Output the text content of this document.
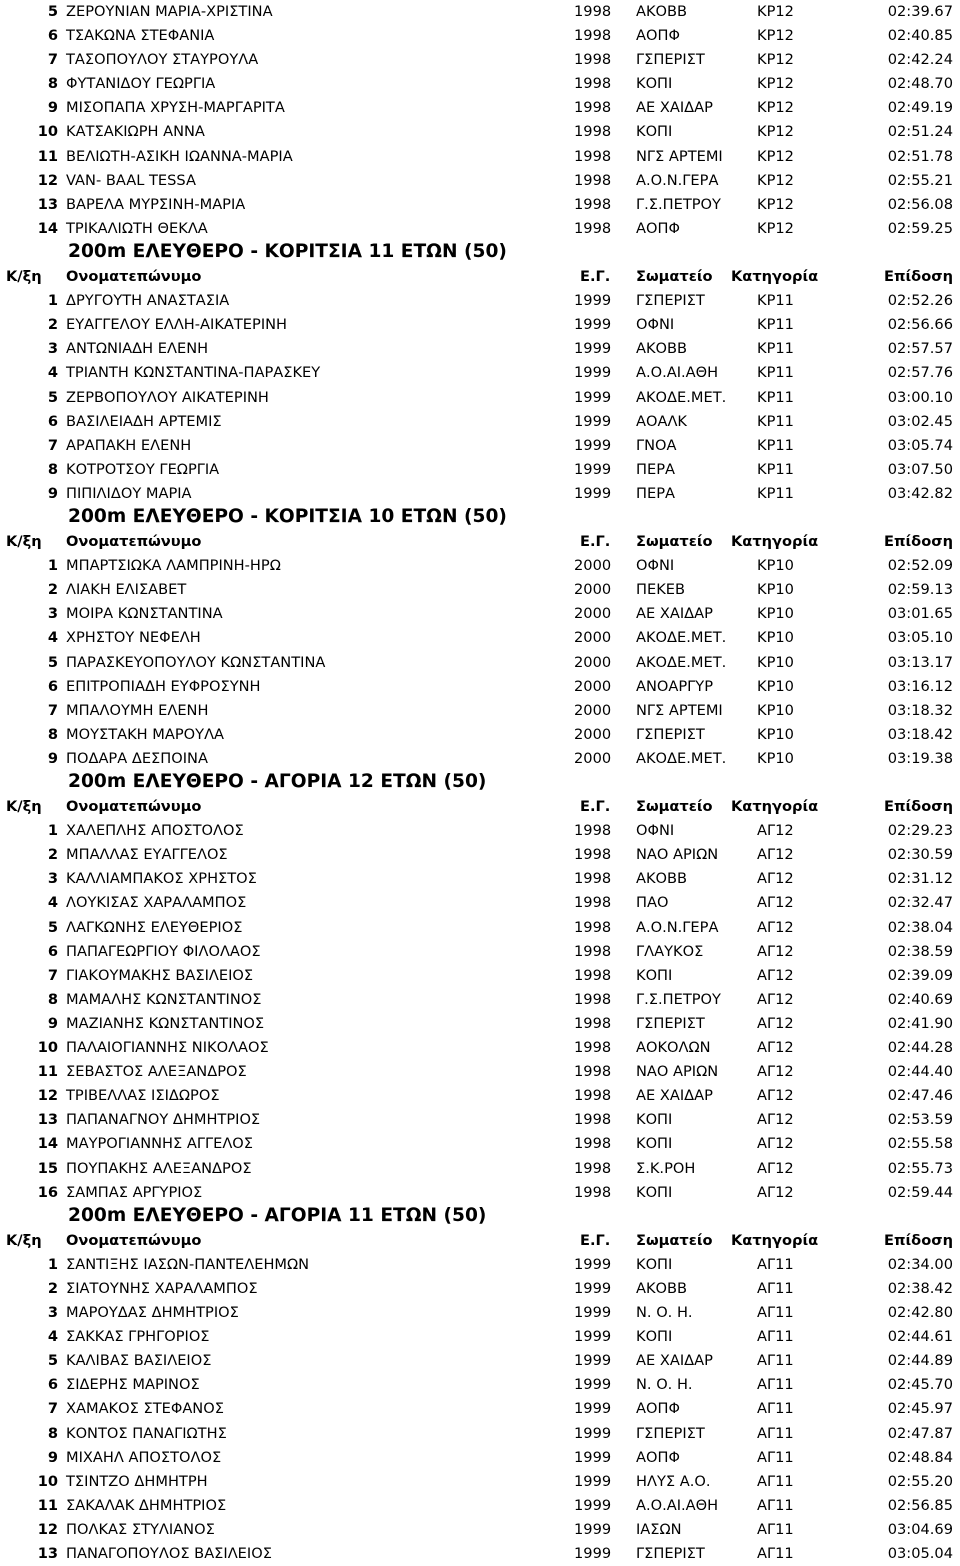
5 ΖΕΡΟΥΝΙΑΝ ΜΑΡΙΑ-ΧΡΙΣΤΙΝΑ	1998 ΑΚΟΒΒ	ΚΡ12	02:39.67
6 ΤΣΑΚΩΝΑ ΣΤΕΦΑΝΙΑ	1998 ΑΟΠΦ	ΚΡ12	02:40.85
7 ΤΑΣΟΠΟΥΛΟΥ ΣΤΑΥΡΟΥΛΑ	1998 ΓΣΠΕΡΙΣΤ	ΚΡ12	02:42.24
8 ΦΥΤΑΝΙΔΟΥ ΓΕΩΡΓΙΑ	1998 ΚΟΠΙ	ΚΡ12	02:48.70
9 ΜΙΣΟΠΑΠΑ ΧΡΥΣΗ-ΜΑΡΓΑΡΙΤΑ	1998 ΑΕ ΧΑΙΔΑΡ	ΚΡ12	02:49.19
10 ΚΑΤΣΑΚΙΩΡΗ ΑΝΝΑ	1998 ΚΟΠΙ	ΚΡ12	02:51.24
11 ΒΕΛΙΩΤΗ-ΑΣΙΚΗ ΙΩΑΝΝΑ-ΜΑΡΙΑ	1998 ΝΓΣ ΑΡΤΕΜΙ ΚΡ12	02:51.78
12 VAN- BAAL TESSA	1998 Α.Ο.Ν.ΓΕΡΑ	ΚΡ12	02:55.21
13 ΒΑΡΕΛΑ ΜΥΡΣΙΝΗ-ΜΑΡΙΑ	1998 Γ.Σ.ΠΕΤΡΟΥ ΚΡ12	02:56.08
14 ΤΡΙΚΑΛΙΩΤΗ ΘΕΚΛΑ	1998 ΑΟΠΦ	ΚΡ12	02:59.25
200m ΕΛΕΥΘΕΡΟ - ΚΟΡΙΤΣΙΑ 11 ΕΤΩΝ (50)
Κ/ξη Ονοματεπώνυμο	Ε.Γ. Σωματείο Κατηγορία	Επίδοση
1 ΔΡΥΓΟΥΤΗ ΑΝΑΣΤΑΣΙΑ	1999 ΓΣΠΕΡΙΣΤ	ΚΡ11	02:52.26
2 ΕΥΑΓΓΕΛΟΥ ΕΛΛΗ-ΑΙΚΑΤΕΡΙΝΗ	1999 ΟΦΝΙ	ΚΡ11	02:56.66
3 ΑΝΤΩΝΙΑΔΗ ΕΛΕΝΗ	1999 ΑΚΟΒΒ	ΚΡ11	02:57.57
4 ΤΡΙΑΝΤΗ ΚΩΝΣΤΑΝΤΙΝΑ-ΠΑΡΑΣΚΕΥ	1999 Α.Ο.ΑΙ.ΑΘΗ	ΚΡ11	02:57.76
5 ΖΕΡΒΟΠΟΥΛΟΥ ΑΙΚΑΤΕΡΙΝΗ	1999 ΑΚΟΔΕ.ΜΕΤ. ΚΡ11	03:00.10
6 ΒΑΣΙΛΕΙΑΔΗ ΑΡΤΕΜΙΣ	1999 ΑΟΑΛΚ	ΚΡ11	03:02.45
7 ΑΡΑΠΑΚΗ ΕΛΕΝΗ	1999 ΓΝΟΑ	ΚΡ11	03:05.74
8 ΚΟΤΡΟΤΣΟΥ ΓΕΩΡΓΙΑ	1999 ΠΕΡΑ	ΚΡ11	03:07.50
9 ΠΙΠΙΛΙΔΟΥ ΜΑΡΙΑ	1999 ΠΕΡΑ	ΚΡ11	03:42.82
200m ΕΛΕΥΘΕΡΟ - ΚΟΡΙΤΣΙΑ 10 ΕΤΩΝ (50)
Κ/ξη Ονοματεπώνυμο	Ε.Γ. Σωματείο Κατηγορία	Επίδοση
1 ΜΠΑΡΤΣΙΩΚΑ ΛΑΜΠΡΙΝΗ-ΗΡΩ	2000 ΟΦΝΙ	ΚΡ10	02:52.09
2 ΛΙΑΚΗ ΕΛΙΣΑΒΕΤ	2000 ΠΕΚΕΒ	ΚΡ10	02:59.13
3 ΜΟΙΡΑ ΚΩΝΣΤΑΝΤΙΝΑ	2000 ΑΕ ΧΑΙΔΑΡ	ΚΡ10	03:01.65
4 ΧΡΗΣΤΟΥ ΝΕΦΕΛΗ	2000 ΑΚΟΔΕ.ΜΕΤ. ΚΡ10	03:05.10
5 ΠΑΡΑΣΚΕΥΟΠΟΥΛΟΥ ΚΩΝΣΤΑΝΤΙΝΑ	2000 ΑΚΟΔΕ.ΜΕΤ. ΚΡ10	03:13.17
6 ΕΠΙΤΡΟΠΙΑΔΗ ΕΥΦΡΟΣΥΝΗ	2000 ΑΝΟΑΡΓΥΡ	ΚΡ10	03:16.12
7 ΜΠΑΛΟΥΜΗ ΕΛΕΝΗ	2000 ΝΓΣ ΑΡΤΕΜΙ ΚΡ10	03:18.32
8 ΜΟΥΣΤΑΚΗ ΜΑΡΟΥΛΑ	2000 ΓΣΠΕΡΙΣΤ	ΚΡ10	03:18.42
9 ΠΟΔΑΡΑ ΔΕΣΠΟΙΝΑ	2000 ΑΚΟΔΕ.ΜΕΤ. ΚΡ10	03:19.38
200m ΕΛΕΥΘΕΡΟ - ΑΓΟΡΙΑ 12 ΕΤΩΝ (50)
Κ/ξη Ονοματεπώνυμο	Ε.Γ. Σωματείο Κατηγορία	Επίδοση
1 ΧΑΛΕΠΛΗΣ ΑΠΟΣΤΟΛΟΣ	1998 ΟΦΝΙ	ΑΓ12	02:29.23
2 ΜΠΑΛΛΑΣ ΕΥΑΓΓΕΛΟΣ	1998 ΝΑΟ ΑΡΙΩΝ	ΑΓ12	02:30.59
3 ΚΑΛΛΙΑΜΠΑΚΟΣ ΧΡΗΣΤΟΣ	1998 ΑΚΟΒΒ	ΑΓ12	02:31.12
4 ΛΟΥΚΙΣΑΣ ΧΑΡΑΛΑΜΠΟΣ	1998 ΠΑΟ	ΑΓ12	02:32.47
5 ΛΑΓΚΩΝΗΣ ΕΛΕΥΘΕΡΙΟΣ	1998 Α.Ο.Ν.ΓΕΡΑ	ΑΓ12	02:38.04
6 ΠΑΠΑΓΕΩΡΓΙΟΥ ΦΙΛΟΛΑΟΣ	1998 ΓΛΑΥΚΟΣ	ΑΓ12	02:38.59
7 ΓΙΑΚΟΥΜΑΚΗΣ ΒΑΣΙΛΕΙΟΣ	1998 ΚΟΠΙ	ΑΓ12	02:39.09
8 ΜΑΜΑΛΗΣ ΚΩΝΣΤΑΝΤΙΝΟΣ	1998 Γ.Σ.ΠΕΤΡΟΥ ΑΓ12	02:40.69
9 ΜΑΖΙΑΝΗΣ ΚΩΝΣΤΑΝΤΙΝΟΣ	1998 ΓΣΠΕΡΙΣΤ	ΑΓ12	02:41.90
10 ΠΑΛΑΙΟΓΙΑΝΝΗΣ ΝΙΚΟΛΑΟΣ	1998 ΑΟΚΟΛΩΝ	ΑΓ12	02:44.28
11 ΣΕΒΑΣΤΟΣ ΑΛΕΞΑΝΔΡΟΣ	1998 ΝΑΟ ΑΡΙΩΝ	ΑΓ12	02:44.40
12 ΤΡΙΒΕΛΛΑΣ ΙΣΙΔΩΡΟΣ	1998 ΑΕ ΧΑΙΔΑΡ	ΑΓ12	02:47.46
13 ΠΑΠΑΝΑΓΝΟΥ ΔΗΜΗΤΡΙΟΣ	1998 ΚΟΠΙ	ΑΓ12	02:53.59
14 ΜΑΥΡΟΓΙΑΝΝΗΣ ΑΓΓΕΛΟΣ	1998 ΚΟΠΙ	ΑΓ12	02:55.58
15 ΠΟΥΠΑΚΗΣ ΑΛΕΞΑΝΔΡΟΣ	1998 Σ.Κ.ΡΟΗ	ΑΓ12	02:55.73
16 ΣΑΜΠΑΣ ΑΡΓΥΡΙΟΣ	1998 ΚΟΠΙ	ΑΓ12	02:59.44
200m ΕΛΕΥΘΕΡΟ - ΑΓΟΡΙΑ 11 ΕΤΩΝ (50)
Κ/ξη Ονοματεπώνυμο	Ε.Γ. Σωματείο Κατηγορία	Επίδοση
1 ΣΑΝΤΙΞΗΣ ΙΑΣΩΝ-ΠΑΝΤΕΛΕΗΜΩΝ	1999 ΚΟΠΙ	ΑΓ11	02:34.00
2 ΣΙΑΤΟΥΝΗΣ ΧΑΡΑΛΑΜΠΟΣ	1999 ΑΚΟΒΒ	ΑΓ11	02:38.42
3 ΜΑΡΟΥΔΑΣ ΔΗΜΗΤΡΙΟΣ	1999 Ν. Ο. Η.	ΑΓ11	02:42.80
4 ΣΑΚΚΑΣ ΓΡΗΓΟΡΙΟΣ	1999 ΚΟΠΙ	ΑΓ11	02:44.61
5 ΚΑΛΙΒΑΣ ΒΑΣΙΛΕΙΟΣ	1999 ΑΕ ΧΑΙΔΑΡ	ΑΓ11	02:44.89
6 ΣΙΔΕΡΗΣ ΜΑΡΙΝΟΣ	1999 Ν. Ο. Η.	ΑΓ11	02:45.70
7 ΧΑΜΑΚΟΣ ΣΤΕΦΑΝΟΣ	1999 ΑΟΠΦ	ΑΓ11	02:45.97
8 ΚΟΝΤΟΣ ΠΑΝΑΓΙΩΤΗΣ	1999 ΓΣΠΕΡΙΣΤ	ΑΓ11	02:47.87
9 ΜΙΧΑΗΛ ΑΠΟΣΤΟΛΟΣ	1999 ΑΟΠΦ	ΑΓ11	02:48.84
10 ΤΣΙΝΤΖΟ ΔΗΜΗΤΡΗ	1999 ΗΛΥΣ Α.Ο.	ΑΓ11	02:55.20
11 ΣΑΚΑΛΑΚ ΔΗΜΗΤΡΙΟΣ	1999 Α.Ο.ΑΙ.ΑΘΗ	ΑΓ11	02:56.85
12 ΠΟΛΚΑΣ ΣΤΥΛΙΑΝΟΣ	1999 ΙΑΣΩΝ	ΑΓ11	03:04.69
13 ΠΑΝΑΓΟΠΟΥΛΟΣ ΒΑΣΙΛΕΙΟΣ	1999 ΓΣΠΕΡΙΣΤ	ΑΓ11	03:05.04
